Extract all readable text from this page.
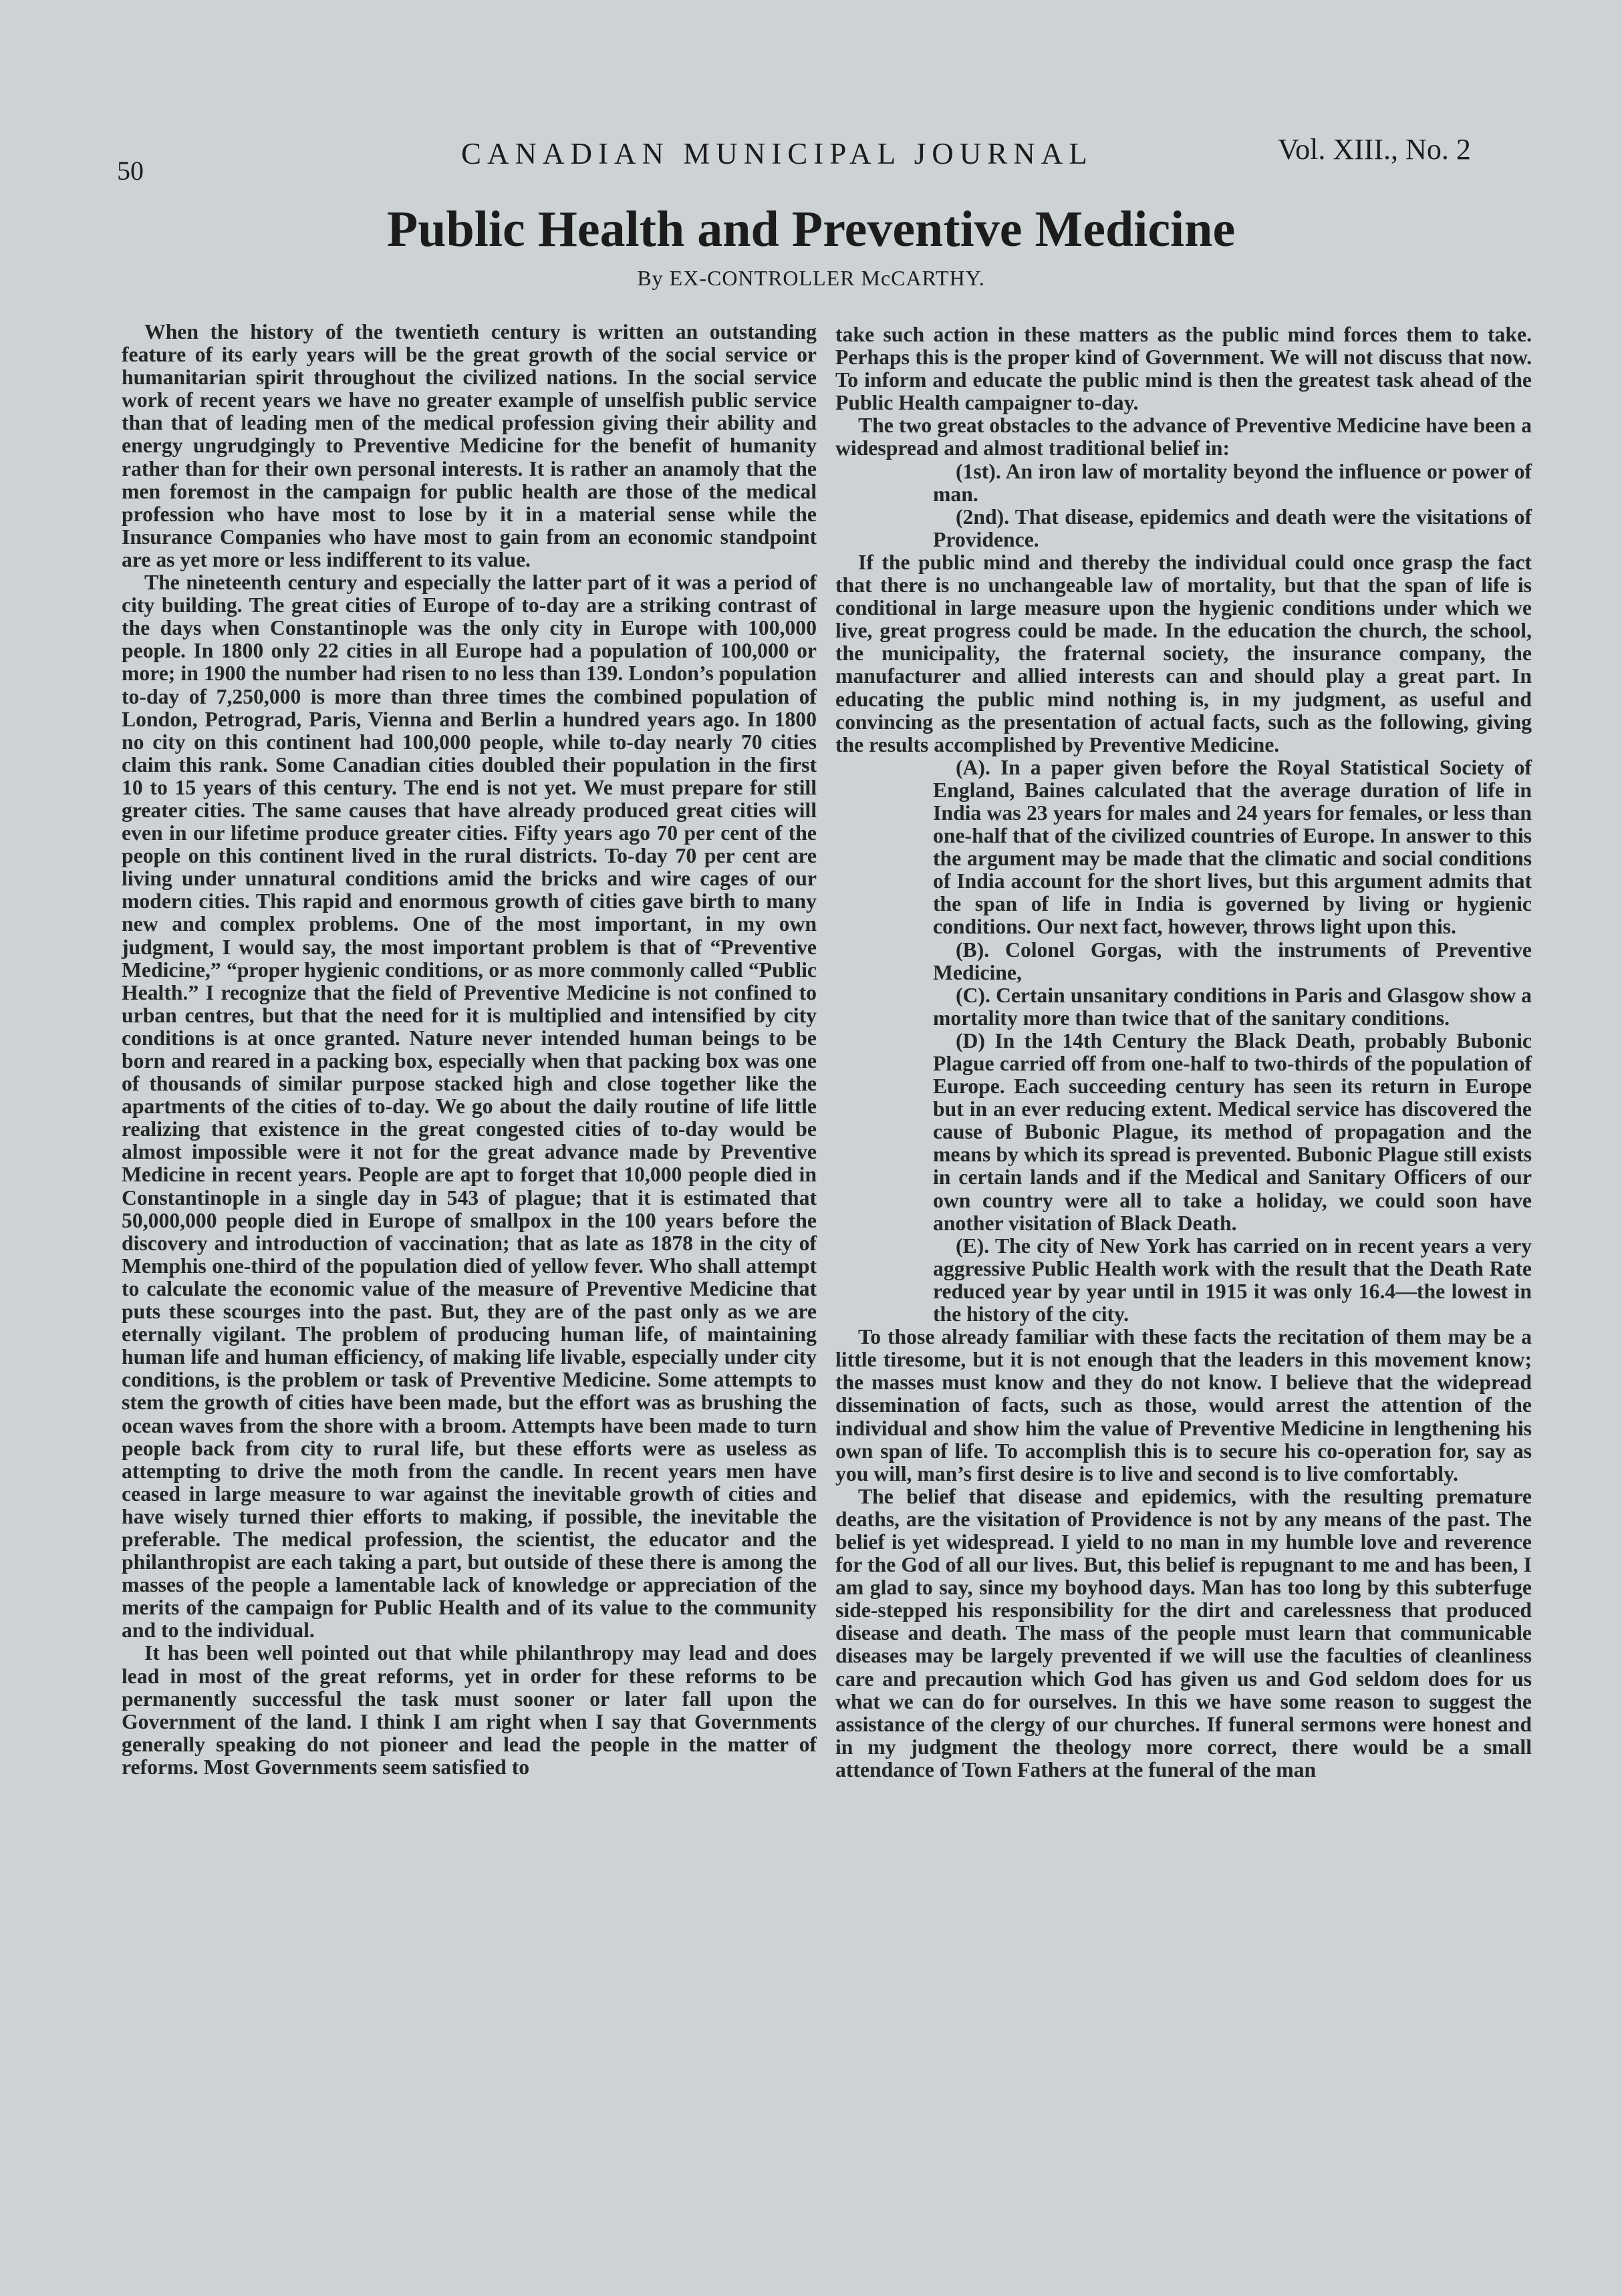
50
CANADIAN MUNICIPAL JOURNAL	Vol. XIII., No. 2
Public Health and Preventive Medicine
By EX-CONTROLLER McCARTHY.

When the history of the twentieth century is written an outstanding feature of its early years will be the great growth of the social service or humanitarian spirit throughout the civilized nations. In the social service work of recent years we have no greater example of unselfish public service than that of leading men of the medical profession giving their ability and energy ungrudgingly to Preventive Medicine for the benefit of humanity rather than for their own personal interests. It is rather an anamoly that the men foremost in the campaign for public health are those of the medical profession who have most to lose by it in a material sense while the Insurance Companies who have most to gain from an economic standpoint are as yet more or less indifferent to its value.

The nineteenth century and especially the latter part of it was a period of city building. The great cities of Europe of to-day are a striking contrast of the days when Constantinople was the only city in Europe with 100,000 people. In 1800 only 22 cities in all Europe had a population of 100,000 or more; in 1900 the number had risen to no less than 139. London’s population to-day of 7,250,000 is more than three times the combined population of London, Petrograd, Paris, Vienna and Berlin a hundred years ago. In 1800 no city on this continent had 100,000 people, while to-day nearly 70 cities claim this rank. Some Canadian cities doubled their population in the first 10 to 15 years of this century. The end is not yet. We must prepare for still greater cities. The same causes that have already produced great cities will even in our lifetime produce greater cities. Fifty years ago 70 per cent of the people on this continent lived in the rural districts. To-day 70 per cent are living under unnatural conditions amid the bricks and wire cages of our modern cities. This rapid and enormous growth of cities gave birth to many new and complex problems. One of the most important, in my own judgment, I would say, the most important problem is that of “Preventive Medicine,” “proper hygienic conditions, or as more commonly called “Public Health.” I recognize that the field of Preventive Medicine is not confined to urban centres, but that the need for it is multiplied and intensified by city conditions is at once granted. Nature never intended human beings to be born and reared in a packing box, especially when that packing box was one of thousands of similar purpose stacked high and close together like the apartments of the cities of to-day. We go about the daily routine of life little realizing that existence in the great congested cities of to-day would be almost impossible were it not for the great advance made by Preventive Medicine in recent years. People are apt to forget that 10,000 people died in Constantinople in a single day in 543 of plague; that it is estimated that 50,000,000 people died in Europe of smallpox in the 100 years before the discovery and introduction of vaccination; that as late as 1878 in the city of Memphis one-third of the population died of yellow fever. Who shall attempt to calculate the economic value of the measure of Preventive Medicine that puts these scourges into the past. But, they are of the past only as we are eternally vigilant. The problem of producing human life, of maintaining human life and human efficiency, of making life livable, especially under city conditions, is the problem or task of Preventive Medicine. Some attempts to stem the growth of cities have been made, but the effort was as brushing the ocean waves from the shore with a broom. Attempts have been made to turn people back from city to rural life, but these efforts were as useless as attempting to drive the moth from the candle. In recent years men have ceased in large measure to war against the inevitable growth of cities and have wisely turned thier efforts to making, if possible, the inevitable the preferable. The medical profession, the scientist, the educator and the philanthropist are each taking a part, but outside of these there is among the masses of the people a lamentable lack of knowledge or appreciation of the merits of the campaign for Public Health and of its value to the community and to the individual.

It has been well pointed out that while philanthropy may lead and does lead in most of the great reforms, yet in order for these reforms to be permanently successful the task must sooner or later fall upon the Government of the land. I think I am right when I say that Governments generally speaking do not pioneer and lead the people in the matter of reforms. Most Governments seem satisfied to

take such action in these matters as the public mind forces them to take. Perhaps this is the proper kind of Government. We will not discuss that now. To inform and educate the public mind is then the greatest task ahead of the Public Health campaigner to-day.

The two great obstacles to the advance of Preventive Medicine have been a widespread and almost traditional belief in:

(1st). An iron law of mortality beyond the influence or power of man.

(2nd). That disease, epidemics and death were the visitations of Providence.

If the public mind and thereby the individual could once grasp the fact that there is no unchangeable law of mortality, but that the span of life is conditional in large measure upon the hygienic conditions under which we live, great progress could be made. In the education the church, the school, the municipality, the fraternal society, the insurance company, the manufacturer and allied interests can and should play a great part. In educating the public mind nothing is, in my judgment, as useful and convincing as the presentation of actual facts, such as the following, giving the results accomplished by Preventive Medicine.

(A). In a paper given before the Royal Statistical Society of England, Baines calculated that the average duration of life in India was 23 years for males and 24 years for females, or less than one-half that of the civilized countries of Europe. In answer to this the argument may be made that the climatic and social conditions of India account for the short lives, but this argument admits that the span of life in India is governed by living or hygienic conditions. Our next fact, however, throws light upon this.

(B). Colonel Gorgas, with the instruments of Preventive Medicine,

(C). Certain unsanitary conditions in Paris and Glasgow show a mortality more than twice that of the sanitary conditions.

(D) In the 14th Century the Black Death, probably Bubonic Plague carried off from one-half to two-thirds of the population of Europe. Each succeeding century has seen its return in Europe but in an ever reducing extent. Medical service has discovered the cause of Bubonic Plague, its method of propagation and the means by which its spread is prevented. Bubonic Plague still exists in certain lands and if the Medical and Sanitary Officers of our own country were all to take a holiday, we could soon have another visitation of Black Death.

(E). The city of New York has carried on in recent years a very aggressive Public Health work with the result that the Death Rate reduced year by year until in 1915 it was only 16.4—the lowest in the history of the city.

To those already familiar with these facts the recitation of them may be a little tiresome, but it is not enough that the leaders in this movement know; the masses must know and they do not know. I believe that the widepread dissemination of facts, such as those, would arrest the attention of the individual and show him the value of Preventive Medicine in lengthening his own span of life. To accomplish this is to secure his co-operation for, say as you will, man’s first desire is to live and second is to live comfortably.

The belief that disease and epidemics, with the resulting premature deaths, are the visitation of Providence is not by any means of the past. The belief is yet widespread. I yield to no man in my humble love and reverence for the God of all our lives. But, this belief is repugnant to me and has been, I am glad to say, since my boyhood days. Man has too long by this subterfuge side-stepped his responsibility for the dirt and carelessness that produced disease and death. The mass of the people must learn that communicable diseases may be largely prevented if we will use the faculties of cleanliness care and precaution which God has given us and God seldom does for us what we can do for ourselves. In this we have some reason to suggest the assistance of the clergy of our churches. If funeral sermons were honest and in my judgment the theology more correct, there would be a small attendance of Town Fathers at the funeral of the man
